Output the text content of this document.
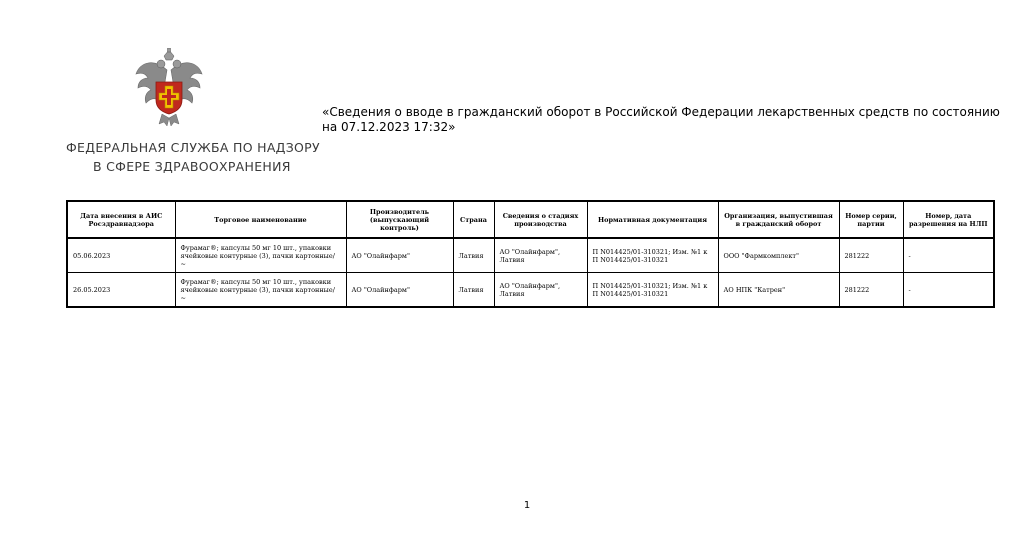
ФЕДЕРАЛЬНАЯ СЛУЖБА ПО НАДЗОРУ
В СФЕРЕ ЗДРАВООХРАНЕНИЯ
«Сведения о вводе в гражданский оборот в Российской Федерации лекарственных средств по состоянию на 07.12.2023 17:32»
Дата внесения в АИС Росздравнадзора	Торговое наименование	Производитель (выпускающий контроль)	Страна	Сведения о стадиях производства	Нормативная документация	Организация, выпустившая в гражданский оборот	Номер серии, партии	Номер, дата разрешения на НЛП
05.06.2023	Фурамаг®; капсулы 50 мг 10 шт., упаковки ячейковые контурные (3), пачки картонные/ ~	АО "Олайнфарм"	Латвия	АО "Олайнфарм", Латвия	П N014425/01-310321; Изм. №1 к П N014425/01-310321	ООО "Фармкомплект"	281222	-
26.05.2023	Фурамаг®; капсулы 50 мг 10 шт., упаковки ячейковые контурные (3), пачки картонные/ ~	АО "Олайнфарм"	Латвия	АО "Олайнфарм", Латвия	П N014425/01-310321; Изм. №1 к П N014425/01-310321	АО НПК "Катрен"	281222	-
1
